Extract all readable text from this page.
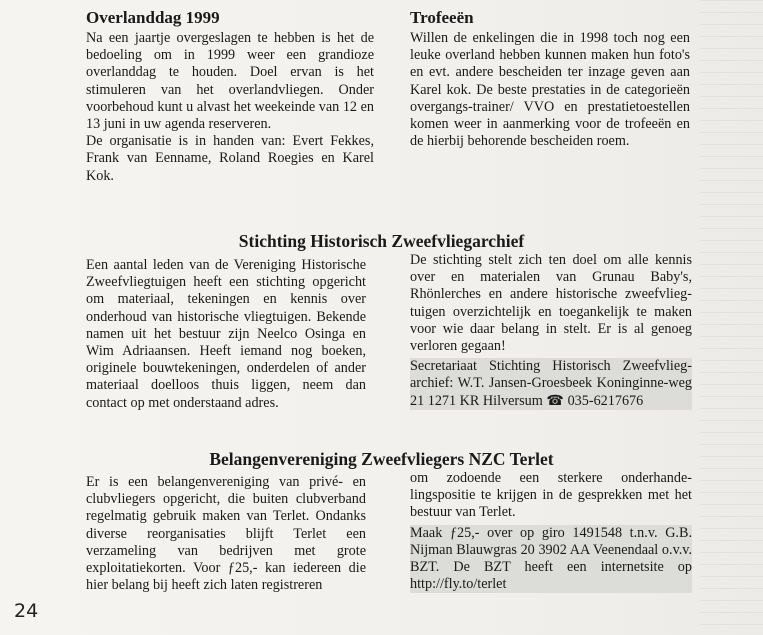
Overlanddag 1999

Na een jaartje overgeslagen te hebben is het de bedoeling om in 1999 weer een grandioze overlanddag te houden. Doel ervan is het stimuleren van het overlandvliegen. Onder voorbehoud kunt u alvast het weekeinde van 12 en 13 juni in uw agenda reserveren.

De organisatie is in handen van: Evert Fekkes, Frank van Eenname, Roland Roegies en Karel Kok.

Trofeeën

Willen de enkelingen die in 1998 toch nog een leuke overland hebben kunnen maken hun foto's en evt. andere bescheiden ter inzage geven aan Karel kok. De beste prestaties in de categorieën overgangs-trainer/ VVO en prestatietoestellen komen weer in aanmerking voor de trofeeën en de hierbij behorende bescheiden roem.

Stichting Historisch Zweefvliegarchief

Een aantal leden van de Vereniging Historische Zweefvliegtuigen heeft een stichting opgericht om materiaal, tekeningen en kennis over onderhoud van historische vliegtuigen. Bekende namen uit het bestuur zijn Neelco Osinga en Wim Adriaansen. Heeft iemand nog boeken, originele bouwtekeningen, onderdelen of ander materiaal doelloos thuis liggen, neem dan contact op met onderstaand adres.

De stichting stelt zich ten doel om alle kennis over en materialen van Grunau Baby's, Rhönlerches en andere historische zweefvlieg-tuigen overzichtelijk en toegankelijk te maken voor wie daar belang in stelt. Er is al genoeg verloren gegaan!

Secretariaat Stichting Historisch Zweefvlieg-archief: W.T. Jansen-Groesbeek Koninginne-weg 21 1271 KR Hilversum ☎ 035-6217676

Belangenvereniging Zweefvliegers NZC Terlet

Er is een belangenvereniging van privé- en clubvliegers opgericht, die buiten clubverband regelmatig gebruik maken van Terlet. Ondanks diverse reorganisaties blijft Terlet een verzameling van bedrijven met grote exploitatiekorten. Voor ƒ25,- kan iedereen die hier belang bij heeft zich laten registreren

om zodoende een sterkere onderhande-lingspositie te krijgen in de gesprekken met het bestuur van Terlet.

Maak ƒ25,- over op giro 1491548 t.n.v. G.B. Nijman Blauwgras 20 3902 AA Veenendaal o.v.v. BZT. De BZT heeft een internetsite op http://fly.to/terlet

24
